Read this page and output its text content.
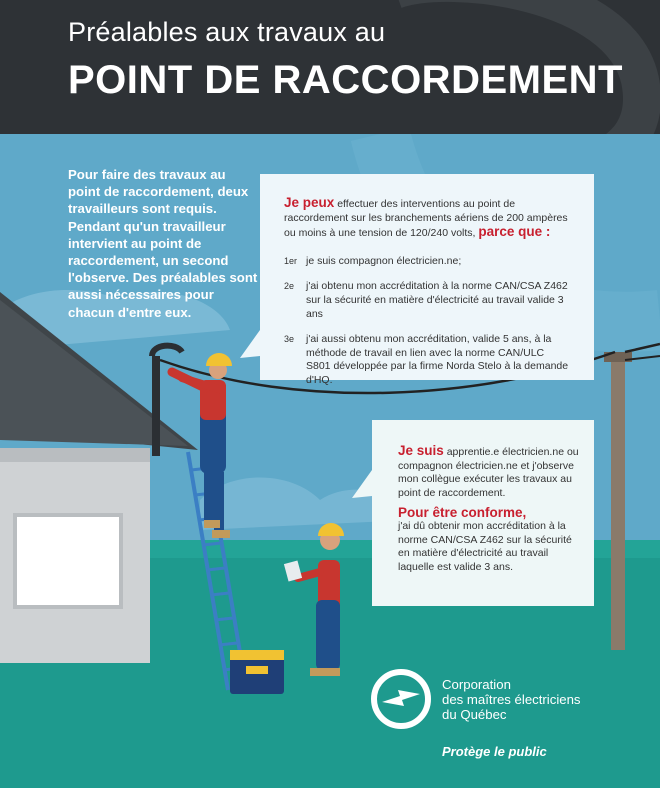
Préalables aux travaux au
POINT DE RACCORDEMENT
Pour faire des travaux au point de raccordement, deux travailleurs sont requis. Pendant qu'un travailleur intervient au point de raccordement, un second l'observe. Des préalables sont aussi nécessaires pour chacun d'entre eux.
Je peux effectuer des interventions au point de raccordement sur les branchements aériens de 200 ampères ou moins à une tension de 120/240 volts, parce que :
1er je suis compagnon électricien.ne;
2e	j'ai obtenu mon accréditation à la norme CAN/CSA Z462 sur la sécurité en matière d'électricité au travail valide 3 ans
3e	j'ai aussi obtenu mon accréditation, valide 5 ans, à la méthode de travail en lien avec la norme CAN/ULC S801 développée par la firme Norda Stelo à la demande d'HQ.
Je suis apprentie.e électricien.ne ou compagnon électricien.ne et j'observe mon collègue exécuter les travaux au point de raccordement.
Pour être conforme,
j'ai dû obtenir mon accréditation à la norme CAN/CSA Z462 sur la sécurité en matière d'électricité au travail laquelle est valide 3 ans.
Corporation
des maîtres électriciens
du Québec
Protège le public
